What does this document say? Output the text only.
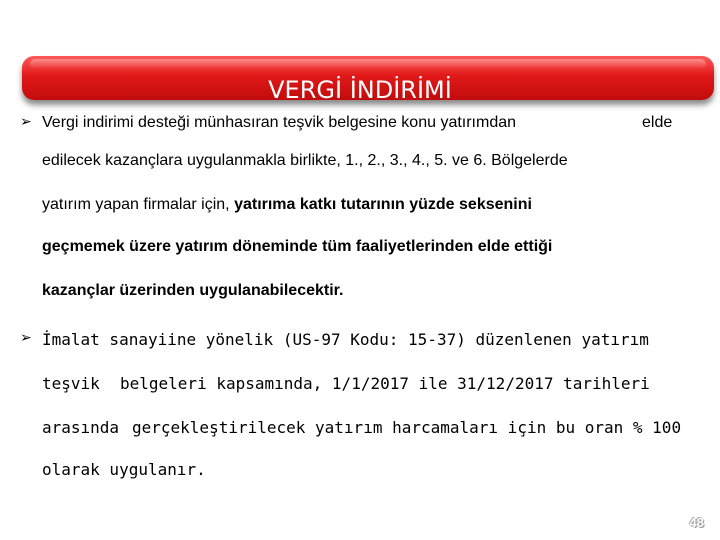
VERGİ İNDİRİMİ
➢ Vergi indirimi desteği münhasıran teşvik belgesine konu yatırımdan	elde
edilecek kazançlara uygulanmakla birlikte, 1., 2., 3., 4., 5. ve 6. Bölgelerde
yatırım yapan firmalar için, yatırıma katkı tutarının yüzde seksenini
geçmemek üzere yatırım döneminde tüm faaliyetlerinden elde ettiği
kazançlar üzerinden uygulanabilecektir.
➢ İmalat sanayiine yönelik (US-97 Kodu: 15-37) düzenlenen yatırım
teşvik belgeleri kapsamında, 1/1/2017 ile 31/12/2017 tarihleri
arasında gerçekleştirilecek yatırım harcamaları için bu oran % 100
olarak uygulanır.
48
